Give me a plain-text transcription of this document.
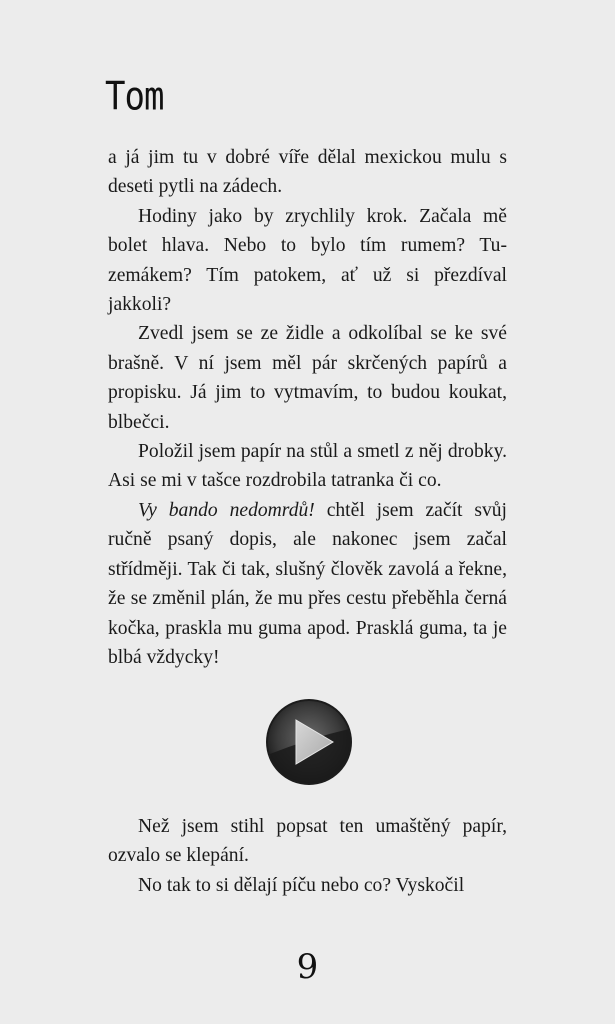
Tom

a já jim tu v dobré víře dělal mexickou mulu s deseti pytli na zádech.

Hodiny jako by zrychlily krok. Začala mě bolet hlava. Nebo to bylo tím rumem? Tuzemákem? Tím patokem, ať už si přezdíval jakkoli?

Zvedl jsem se ze židle a odkolíbal se ke své brašně. V ní jsem měl pár skrčených papírů a propisku. Já jim to vytmavím, to budou koukat, blbečci.

Položil jsem papír na stůl a smetl z něj drobky. Asi se mi v tašce rozdrobila tatranka či co.

Vy bando nedomrdů! chtěl jsem začít svůj ručně psaný dopis, ale nakonec jsem začal střídměji. Tak či tak, slušný člověk zavolá a řekne, že se změnil plán, že mu přes cestu přeběhla černá kočka, praskla mu guma apod. Prasklá guma, ta je blbá vždycky!

Než jsem stihl popsat ten umaštěný papír, ozvalo se klepání.

No tak to si dělají píču nebo co? Vyskočil

9
